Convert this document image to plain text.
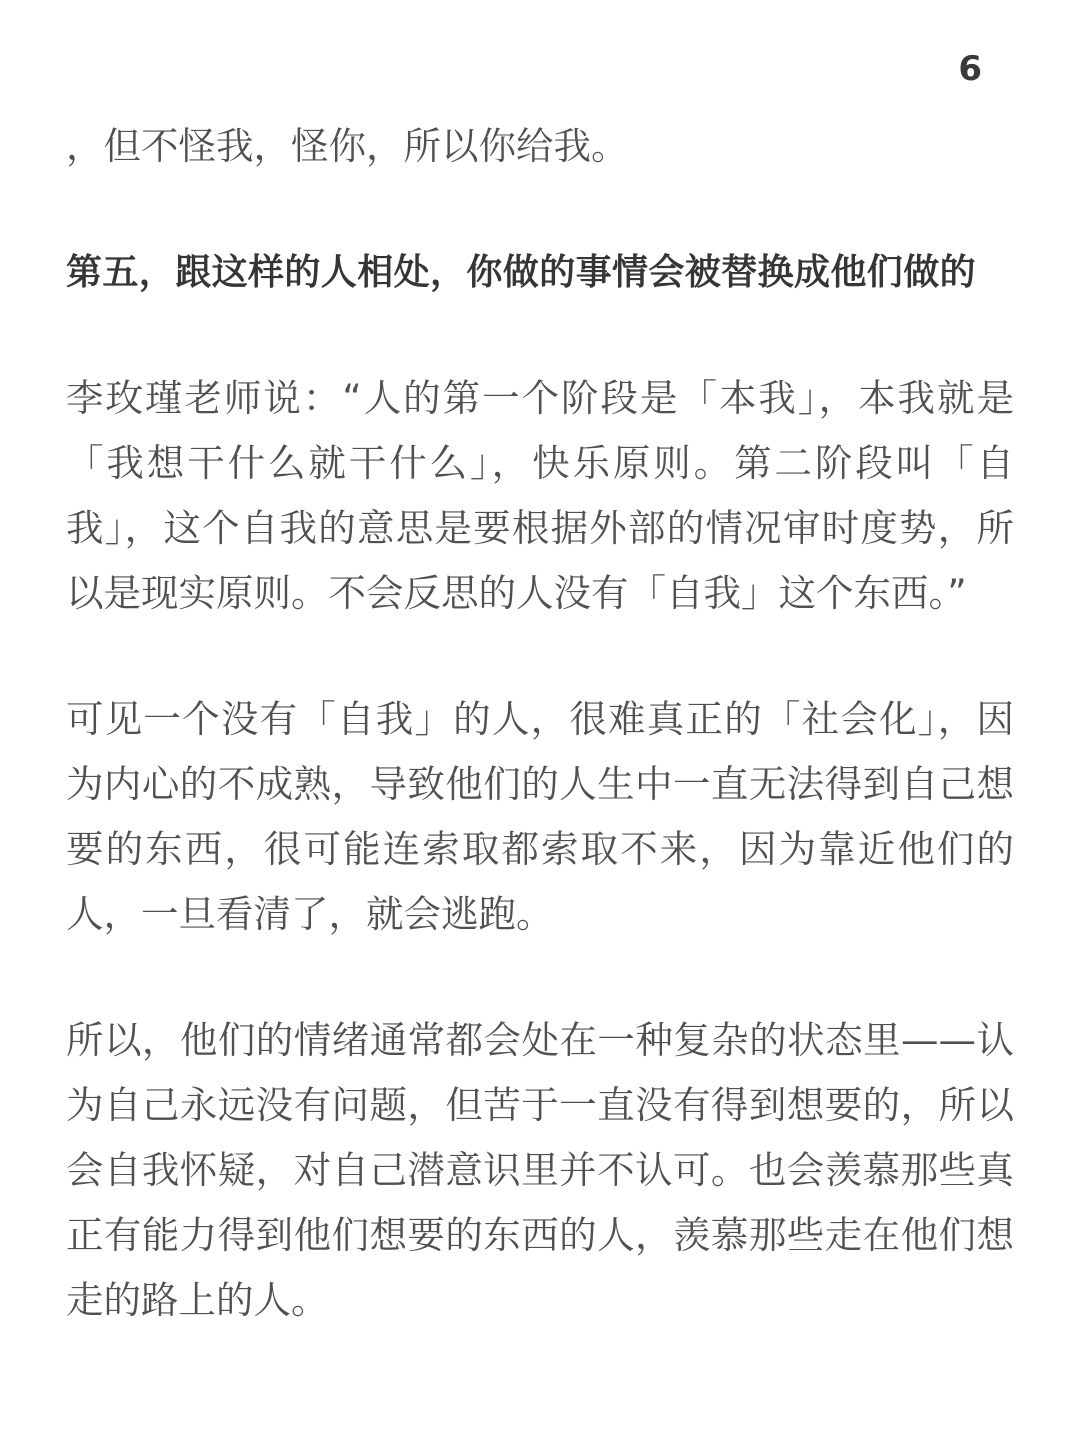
6

，但不怪我，怪你，所以你给我。

第五，跟这样的人相处，你做的事情会被替换成他们做的

李玫瑾老师说：“人的第一个阶段是「本我」，本我就是「我想干什么就干什么」，快乐原则。第二阶段叫「自我」，这个自我的意思是要根据外部的情况审时度势，所以是现实原则。不会反思的人没有「自我」这个东西。”

可见一个没有「自我」的人，很难真正的「社会化」，因为内心的不成熟，导致他们的人生中一直无法得到自己想要的东西，很可能连索取都索取不来，因为靠近他们的人，一旦看清了，就会逃跑。

所以，他们的情绪通常都会处在一种复杂的状态里——认为自己永远没有问题，但苦于一直没有得到想要的，所以会自我怀疑，对自己潜意识里并不认可。也会羡慕那些真正有能力得到他们想要的东西的人，羡慕那些走在他们想走的路上的人。
